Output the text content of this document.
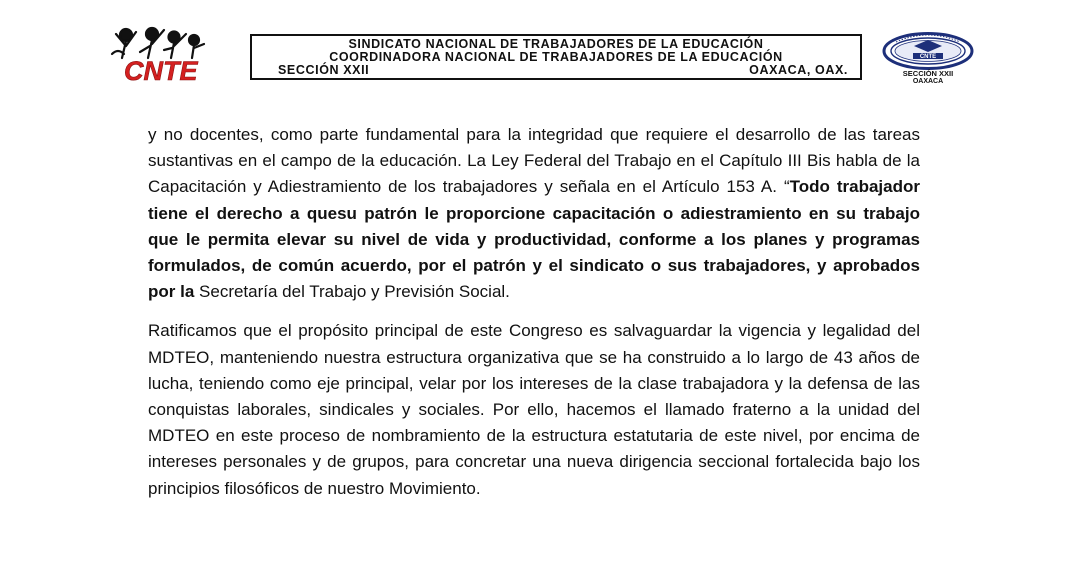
CNTE
SINDICATO NACIONAL DE TRABAJADORES DE LA EDUCACIÓN
COORDINADORA NACIONAL DE TRABAJADORES DE LA EDUCACIÓN
SECCIÓN XXII	OAXACA, OAX.
CNTE
SECCIÓN XXII
OAXACA

y no docentes, como parte fundamental para la integridad que requiere el desarrollo de las tareas sustantivas en el campo de la educación. La Ley Federal del Trabajo en el Capítulo III Bis habla de la Capacitación y Adiestramiento de los trabajadores y señala en el Artículo 153 A. “Todo trabajador tiene el derecho a quesu patrón le proporcione capacitación o adiestramiento en su trabajo que le permita elevar su nivel de vida y productividad, conforme a los planes y programas formulados, de común acuerdo, por el patrón y el sindicato o sus trabajadores, y aprobados por la Secretaría del Trabajo y Previsión Social.

Ratificamos que el propósito principal de este Congreso es salvaguardar la vigencia y legalidad del MDTEO, manteniendo nuestra estructura organizativa que se ha construido a lo largo de 43 años de lucha, teniendo como eje principal, velar por los intereses de la clase trabajadora y la defensa de las conquistas laborales, sindicales y sociales. Por ello, hacemos el llamado fraterno a la unidad del MDTEO en este proceso de nombramiento de la estructura estatutaria de este nivel, por encima de intereses personales y de grupos, para concretar una nueva dirigencia seccional fortalecida bajo los principios filosóficos de nuestro Movimiento.
